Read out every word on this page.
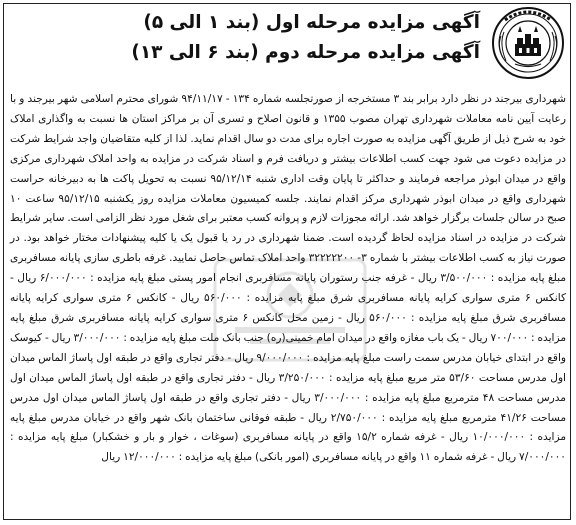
آگهی مزایده مرحله اول (بند ۱ الی ۵)
آگهی مزایده مرحله دوم (بند ۶ الی ۱۳)

شهرداری بیرجند در نظر دارد برابر بند ۳ مستخرجه از صورتجلسه شماره ۱۳۴ - ۹۴/۱۱/۱۷ شورای محترم اسلامی شهر بیرجند و با رعایت آیین نامه معاملات شهرداری تهران مصوب ۱۳۵۵ و قانون اصلاح و تسری آن بر مراکز استان ها نسبت به واگذاری املاک خود به شرح ذیل از طریق آگهی مزایده به صورت اجاره برای مدت دو سال اقدام نماید. لذا از کلیه متقاضیان واجد شرایط شرکت در مزایده دعوت می شود جهت کسب اطلاعات بیشتر و دریافت فرم و اسناد شرکت در مزایده به واحد املاک شهرداری مرکزی واقع در میدان ابوذر مراجعه فرمایند و حداکثر تا پایان وقت اداری شنبه ۹۵/۱۲/۱۴ نسبت به تحویل پاکت ها به دبیرخانه حراست شهرداری واقع در میدان ابوذر شهرداری مرکز اقدام نمایند. جلسه کمیسیون معاملات مزایده روز یکشنبه ۹۵/۱۲/۱۵ ساعت ۱۰ صبح در سالن جلسات برگزار خواهد شد. ارائه مجوزات لازم و پروانه کسب معتبر برای شغل مورد نظر الزامی است. سایر شرایط شرکت در مزایده در اسناد مزایده لحاظ گردیده است. ضمنا شهرداری در رد یا قبول یک یا کلیه پیشنهادات مختار خواهد بود. در صورت نیاز به کسب اطلاعات بیشتر با شماره ۳- ۳۲۲۲۲۲۰۰ واحد املاک تماس حاصل نمایید. غرفه باطری سازی پایانه مسافربری مبلغ پایه مزایده : ۳/۵۰۰/۰۰۰ ریال - غرفه جنب رستوران پایانه مسافربری انجام امور پستی مبلغ پایه مزایده : ۶/۰۰۰/۰۰۰ ریال - کانکس ۶ متری سواری کرایه پایانه مسافربری شرق مبلغ پایه مزایده : ۵۶۰/۰۰۰ ریال - کانکس ۶ متری سواری کرایه پایانه مسافربری شرق مبلغ پایه مزایده : ۵۶۰/۰۰۰ ریال - زمین محل کانکس ۶ متری سواری کرایه پایانه مسافربری شرق مبلغ پایه مزایده : ۷۰۰/۰۰۰ ریال - یک باب مغازه واقع در میدان امام خمینی(ره) جنب بانک ملت مبلغ پایه مزایده : ۳/۰۰۰/۰۰۰ ریال - کیوسک واقع در ابتدای خیابان مدرس سمت راست مبلغ پایه مزایده : ۹/۰۰۰/۰۰۰ ریال - دفتر تجاری واقع در طبقه اول پاساژ الماس میدان اول مدرس مساحت ۵۳/۶۰ متر مربع مبلغ پایه مزایده : ۳/۲۵۰/۰۰۰ ریال - دفتر تجاری واقع در طبقه اول پاساژ الماس میدان اول مدرس مساحت ۴۸ مترمربع مبلغ پایه مزایده : ۳/۰۰۰/۰۰۰ ریال - دفتر تجاری واقع در طبقه اول پاساژ الماس میدان اول مدرس مساحت ۴۱/۲۶ مترمربع مبلغ پایه مزایده : ۲/۷۵۰/۰۰۰ ریال - طبقه فوقانی ساختمان بانک شهر واقع در خیابان مدرس مبلغ پایه مزایده : ۱۰/۰۰۰/۰۰۰ ریال - غرفه شماره ۱۵/۲ واقع در پایانه مسافربری (سوغات ، خوار و بار و خشکبار) مبلغ پایه مزایده : ۷/۰۰۰/۰۰۰ ریال - غرفه شماره ۱۱ واقع در پایانه مسافربری (امور بانکی) مبلغ پایه مزایده : ۱۲/۰۰۰/۰۰۰ ریال
